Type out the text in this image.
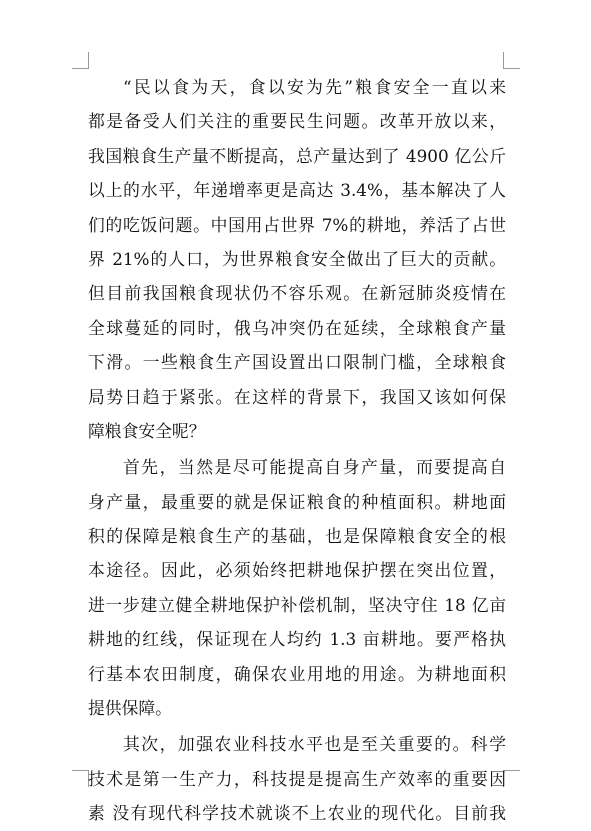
“民以食为天，食以安为先”粮食安全一直以来
都是备受人们关注的重要民生问题。改革开放以来，
我国粮食生产量不断提高，总产量达到了 4900 亿公斤
以上的水平，年递增率更是高达 3.4%，基本解决了人
们的吃饭问题。中国用占世界 7%的耕地，养活了占世
界 21%的人口，为世界粮食安全做出了巨大的贡献。
但目前我国粮食现状仍不容乐观。在新冠肺炎疫情在
全球蔓延的同时，俄乌冲突仍在延续，全球粮食产量
下滑。一些粮食生产国设置出口限制门槛，全球粮食
局势日趋于紧张。在这样的背景下，我国又该如何保
障粮食安全呢？
首先，当然是尽可能提高自身产量，而要提高自
身产量，最重要的就是保证粮食的种植面积。耕地面
积的保障是粮食生产的基础，也是保障粮食安全的根
本途径。因此，必须始终把耕地保护摆在突出位置，
进一步建立健全耕地保护补偿机制，坚决守住 18 亿亩
耕地的红线，保证现在人均约 1.3 亩耕地。要严格执
行基本农田制度，确保农业用地的用途。为耕地面积
提供保障。
其次，加强农业科技水平也是至关重要的。科学
技术是第一生产力，科技提是提高生产效率的重要因
素 没有现代科学技术就谈不上农业的现代化。目前我
